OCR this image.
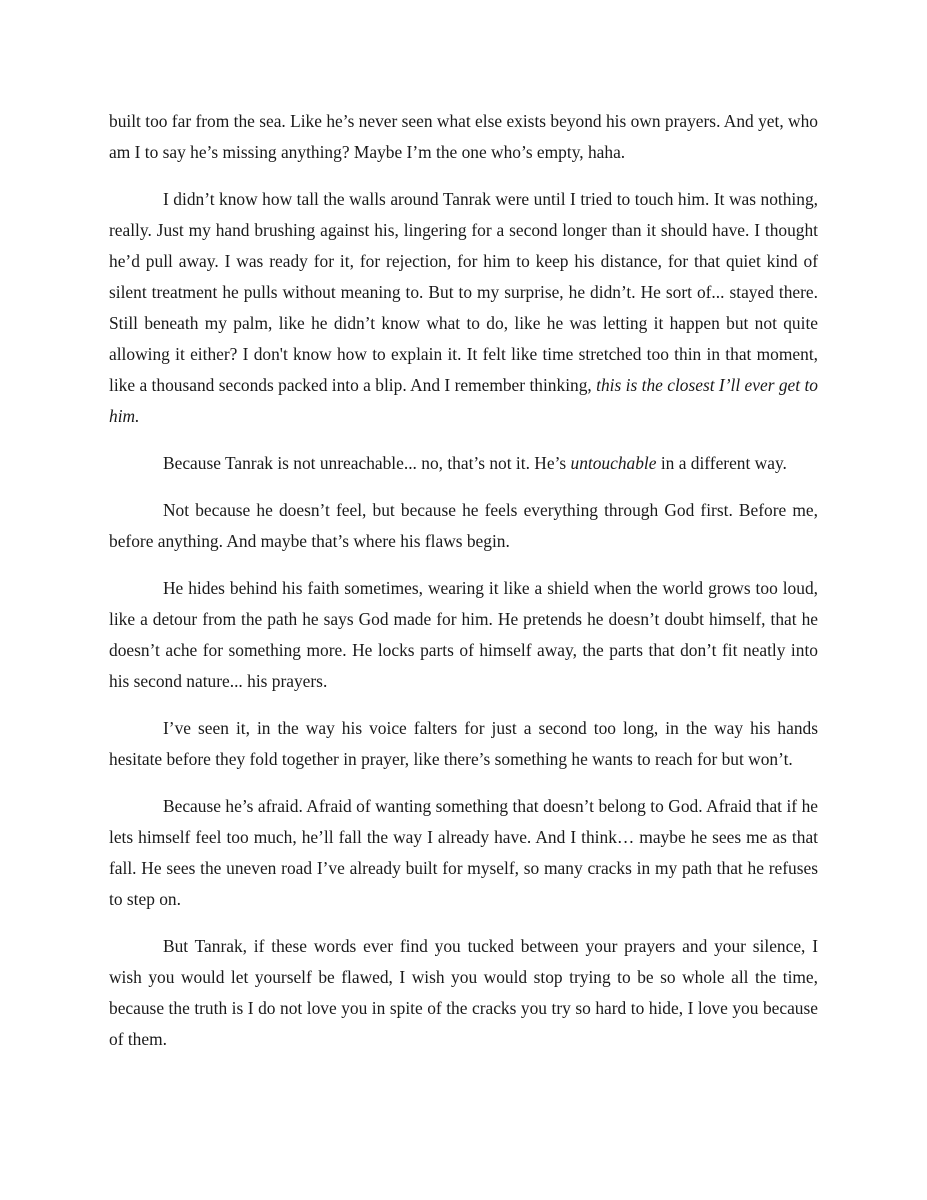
built too far from the sea. Like he’s never seen what else exists beyond his own prayers. And yet, who am I to say he’s missing anything? Maybe I’m the one who’s empty, haha.

I didn’t know how tall the walls around Tanrak were until I tried to touch him. It was nothing, really. Just my hand brushing against his, lingering for a second longer than it should have. I thought he’d pull away. I was ready for it, for rejection, for him to keep his distance, for that quiet kind of silent treatment he pulls without meaning to. But to my surprise, he didn’t. He sort of... stayed there. Still beneath my palm, like he didn’t know what to do, like he was letting it happen but not quite allowing it either? I don't know how to explain it. It felt like time stretched too thin in that moment, like a thousand seconds packed into a blip. And I remember thinking, this is the closest I’ll ever get to him.

Because Tanrak is not unreachable... no, that’s not it. He’s untouchable in a different way.

Not because he doesn’t feel, but because he feels everything through God first. Before me, before anything. And maybe that’s where his flaws begin.

He hides behind his faith sometimes, wearing it like a shield when the world grows too loud, like a detour from the path he says God made for him. He pretends he doesn’t doubt himself, that he doesn’t ache for something more. He locks parts of himself away, the parts that don’t fit neatly into his second nature... his prayers.

I’ve seen it, in the way his voice falters for just a second too long, in the way his hands hesitate before they fold together in prayer, like there’s something he wants to reach for but won’t.

Because he’s afraid. Afraid of wanting something that doesn’t belong to God. Afraid that if he lets himself feel too much, he’ll fall the way I already have. And I think… maybe he sees me as that fall. He sees the uneven road I’ve already built for myself, so many cracks in my path that he refuses to step on.

But Tanrak, if these words ever find you tucked between your prayers and your silence, I wish you would let yourself be flawed, I wish you would stop trying to be so whole all the time, because the truth is I do not love you in spite of the cracks you try so hard to hide, I love you because of them.
